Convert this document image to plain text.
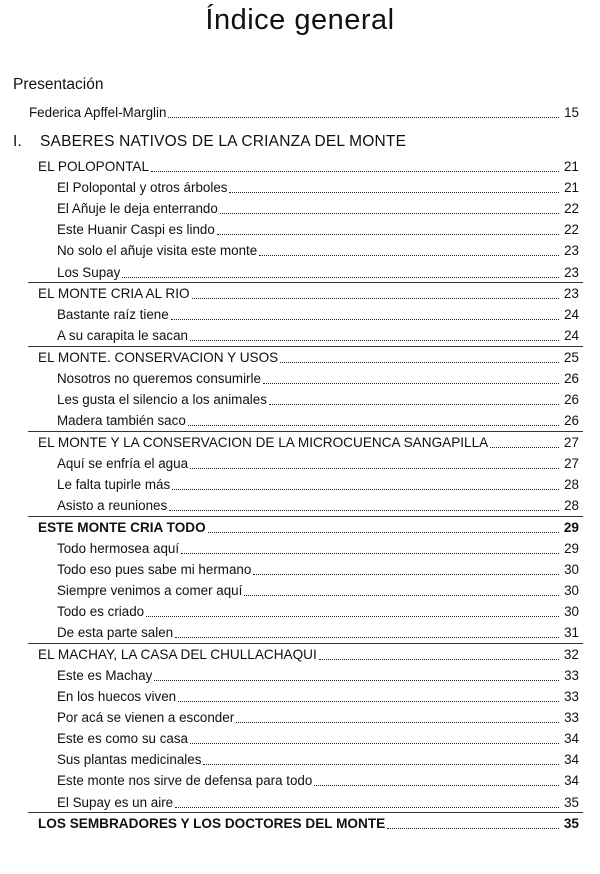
Índice general
Presentación
Federica Apffel-Marglin	15
I. SABERES NATIVOS DE LA CRIANZA DEL MONTE
EL POLOPONTAL	21
El Polopontal y otros árboles	21
El Añuje le deja enterrando	22
Este Huanir Caspi es lindo	22
No solo el añuje visita este monte	23
Los Supay	23
EL MONTE CRIA AL RIO	23
Bastante raíz tiene	24
A su carapita le sacan	24
EL MONTE. CONSERVACION Y USOS	25
Nosotros no queremos consumirle	26
Les gusta el silencio a los animales	26
Madera también saco	26
EL MONTE Y LA CONSERVACION DE LA MICROCUENCA SANGAPILLA	27
Aquí se enfría el agua	27
Le falta tupirle más	28
Asisto a reuniones	28
ESTE MONTE CRIA TODO	29
Todo hermosea aquí	29
Todo eso pues sabe mi hermano	30
Siempre venimos a comer aquí	30
Todo es criado	30
De esta parte salen	31
EL MACHAY, LA CASA DEL CHULLACHAQUI	32
Este es Machay	33
En los huecos viven	33
Por acá se vienen a esconder	33
Este es como su casa	34
Sus plantas medicinales	34
Este monte nos sirve de defensa para todo	34
El Supay es un aire	35
LOS SEMBRADORES Y LOS DOCTORES DEL MONTE	35
